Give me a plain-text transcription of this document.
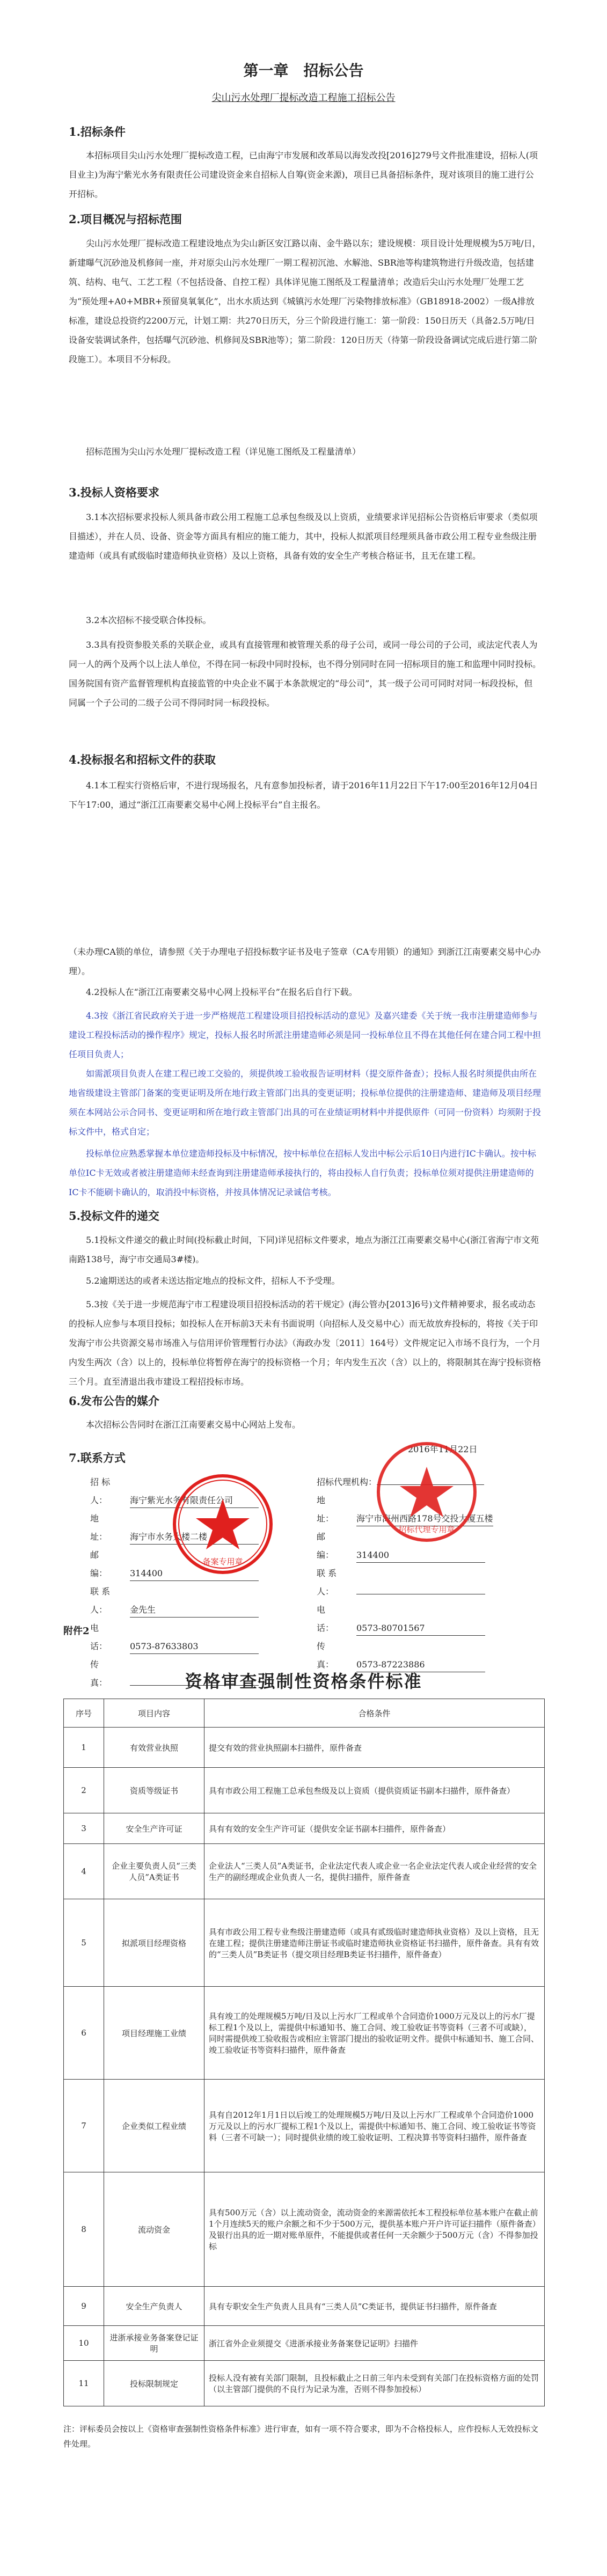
第一章　招标公告
尖山污水处理厂提标改造工程施工招标公告
1.招标条件
本招标项目尖山污水处理厂提标改造工程，已由海宁市发展和改革局以海发改投[2016]279号文件批准建设，招标人(项目业主)为海宁紫光水务有限责任公司建设资金来自招标人自筹(资金来源)，项目已具备招标条件，现对该项目的施工进行公开招标。
2.项目概况与招标范围
尖山污水处理厂提标改造工程建设地点为尖山新区安江路以南、金牛路以东；建设规模：项目设计处理规模为5万吨/日，新建曝气沉砂池及机修间一座，并对原尖山污水处理厂一期工程初沉池、水解池、SBR池等构建筑物进行升级改造，包括建筑、结构、电气、工艺工程（不包括设备、自控工程）具体详见施工图纸及工程量清单；改造后尖山污水处理厂处理工艺为“预处理+A0+MBR+预留臭氧氧化”，出水水质达到《城镇污水处理厂污染物排放标准》（GB18918-2002）一级A排放标准，建设总投资约2200万元，计划工期：共270日历天，分三个阶段进行施工：第一阶段：150日历天（具备2.5万吨/日设备安装调试条件，包括曝气沉砂池、机修间及SBR池等）；第二阶段：120日历天（待第一阶段设备调试完成后进行第二阶段施工）。本项目不分标段。
招标范围为尖山污水处理厂提标改造工程（详见施工图纸及工程量清单）
3.投标人资格要求
3.1本次招标要求投标人须具备市政公用工程施工总承包叁级及以上资质，业绩要求详见招标公告资格后审要求（类似项目描述），并在人员、设备、资金等方面具有相应的施工能力，其中，投标人拟派项目经理须具备市政公用工程专业叁级注册建造师（或具有贰级临时建造师执业资格）及以上资格，具备有效的安全生产考核合格证书，且无在建工程。
3.2本次招标不接受联合体投标。
3.3具有投资参股关系的关联企业，或具有直接管理和被管理关系的母子公司，或同一母公司的子公司，或法定代表人为同一人的两个及两个以上法人单位，不得在同一标段中同时投标，也不得分别同时在同一招标项目的施工和监理中同时投标。国务院国有资产监督管理机构直接监管的中央企业不属于本条款规定的“母公司”，其一级子公司可同时对同一标段投标，但同属一个子公司的二级子公司不得同时同一标段投标。
4.投标报名和招标文件的获取
4.1本工程实行资格后审，不进行现场报名，凡有意参加投标者，请于2016年11月22日下午17:00至2016年12月04日下午17:00，通过“浙江江南要素交易中心网上投标平台”自主报名。
（未办理CA锁的单位，请参照《关于办理电子招投标数字证书及电子签章（CA专用锁）的通知》到浙江江南要素交易中心办理）。
4.2投标人在“浙江江南要素交易中心网上投标平台”在报名后自行下载。
4.3按《浙江省民政府关于进一步严格规范工程建设项目招投标活动的意见》及嘉兴建委《关于统一我市注册建造师参与建设工程投标活动的操作程序》规定，投标人报名时所派注册建造师必须是同一投标单位且不得在其他任何在建合同工程中担任项目负责人；
如需派项目负责人在建工程已竣工交验的，须提供竣工验收报告证明材料（提交原件备查）；投标人报名时须提供由所在地省级建设主管部门备案的变更证明及所在地行政主管部门出具的变更证明；投标单位提供的注册建造师、建造师及项目经理须在本网站公示合同书、变更证明和所在地行政主管部门出具的可在业绩证明材料中并提供原件（可同一份资料）均须附于投标文件中，格式自定；
投标单位应熟悉掌握本单位建造师投标及中标情况，按中标单位在招标人发出中标公示后10日内进行IC卡确认。按中标单位IC卡无效或者被注册建造师未经查询到注册建造师承接执行的，将由投标人自行负责；投标单位须对提供注册建造师的IC卡不能刷卡确认的，取消投中标资格，并按具体情况记录诚信考核。
5.投标文件的递交
5.1投标文件递交的截止时间(投标截止时间，下同)详见招标文件要求，地点为浙江江南要素交易中心(浙江省海宁市文苑南路138号，海宁市交通局3#楼)。
5.2逾期送达的或者未送达指定地点的投标文件，招标人不予受理。
5.3按《关于进一步规范海宁市工程建设项目招投标活动的若干规定》(海公管办[2013]6号)文件精神要求，报名或动态的投标人应参与本项目投标；如投标人在开标前3天未有书面说明（向招标人及交易中心）而无故放弃投标的，将按《关于印发海宁市公共资源交易市场准入与信用评价管理暂行办法》（海政办发〔2011〕164号）文件规定记入市场不良行为，一个月内发生两次（含）以上的，投标单位将暂停在海宁的投标资格一个月；年内发生五次（含）以上的，将限制其在海宁投标资格三个月。直至清退出我市建设工程招投标市场。
6.发布公告的媒介
本次招标公告同时在浙江江南要素交易中心网站上发布。
7.联系方式
招 标 人：	海宁紫光水务有限责任公司
地　　址：	海宁市水务大楼二楼
邮　　编：	314400
联 系 人：	金先生
电　　话：	0573-87633803
传　　真：
招标代理机构：
地　　址：	海宁市海州西路178号交投大厦五楼
邮　　编：	314400
联 系 人：
电　　话：	0573-80701567
传　　真：	0573-87223886
2016年11月22日
备案专用章
招标代理专用章
附件2
资格审查强制性资格条件标准
序号	项目内容	合格条件
1	有效营业执照	提交有效的营业执照副本扫描件，原件备查
2	资质等级证书	具有市政公用工程施工总承包叁级及以上资质（提供资质证书副本扫描件，原件备查）
3	安全生产许可证	具有有效的安全生产许可证（提供安全证书副本扫描件，原件备查）
4	企业主要负责人员“三类人员”A类证书	企业法人“三类人员”A类证书，企业法定代表人或企业一名企业法定代表人或企业经营的安全生产的副经理或企业负责人一名，提供扫描件，原件备查
5	拟派项目经理资格	具有市政公用工程专业叁级注册建造师（或具有贰级临时建造师执业资格）及以上资格，且无在建工程；提供注册建造师注册证书或临时建造师执业资格证书扫描件，原件备查。具有有效的“三类人员”B类证书（提交项目经理B类证书扫描件，原件备查）
6	项目经理施工业绩	具有竣工的处理规模5万吨/日及以上污水厂工程或单个合同造价1000万元及以上的污水厂提标工程1个及以上，需提供中标通知书、施工合同、竣工验收证书等资料（三者不可或缺），同时需提供竣工验收报告或相应主管部门提出的验收证明文件。提供中标通知书、施工合同、竣工验收证书等资料扫描件，原件备查
7	企业类似工程业绩	具有自2012年1月1日以后竣工的处理规模5万吨/日及以上污水厂工程或单个合同造价1000万元及以上的污水厂提标工程1个及以上，需提供中标通知书、施工合同、竣工验收证书等资料（三者不可缺一）；同时提供业绩的竣工验收证明、工程决算书等资料扫描件，原件备查
8	流动资金	具有500万元（含）以上流动资金，流动资金的来源需依托本工程投标单位基本账户在截止前1个月连续5天的账户余额之和不少于500万元，提供基本账户开户许可证扫描件（原件备查）及银行出具的近一期对账单原件，不能提供或者任何一天余额少于500万元（含）不得参加投标
9	安全生产负责人	具有专职安全生产负责人且具有“三类人员”C类证书，提供证书扫描件，原件备查
10	进浙承接业务备案登记证明	浙江省外企业须提交《进浙承接业务备案登记证明》扫描件
11	投标限制规定	投标人没有被有关部门限制，且投标截止之日前三年内未受到有关部门在投标资格方面的处罚（以主管部门提供的不良行为记录为准，否则不得参加投标）
注：评标委员会按以上《资格审查强制性资格条件标准》进行审查，如有一项不符合要求，即为不合格投标人，应作投标人无效投标文件处理。
